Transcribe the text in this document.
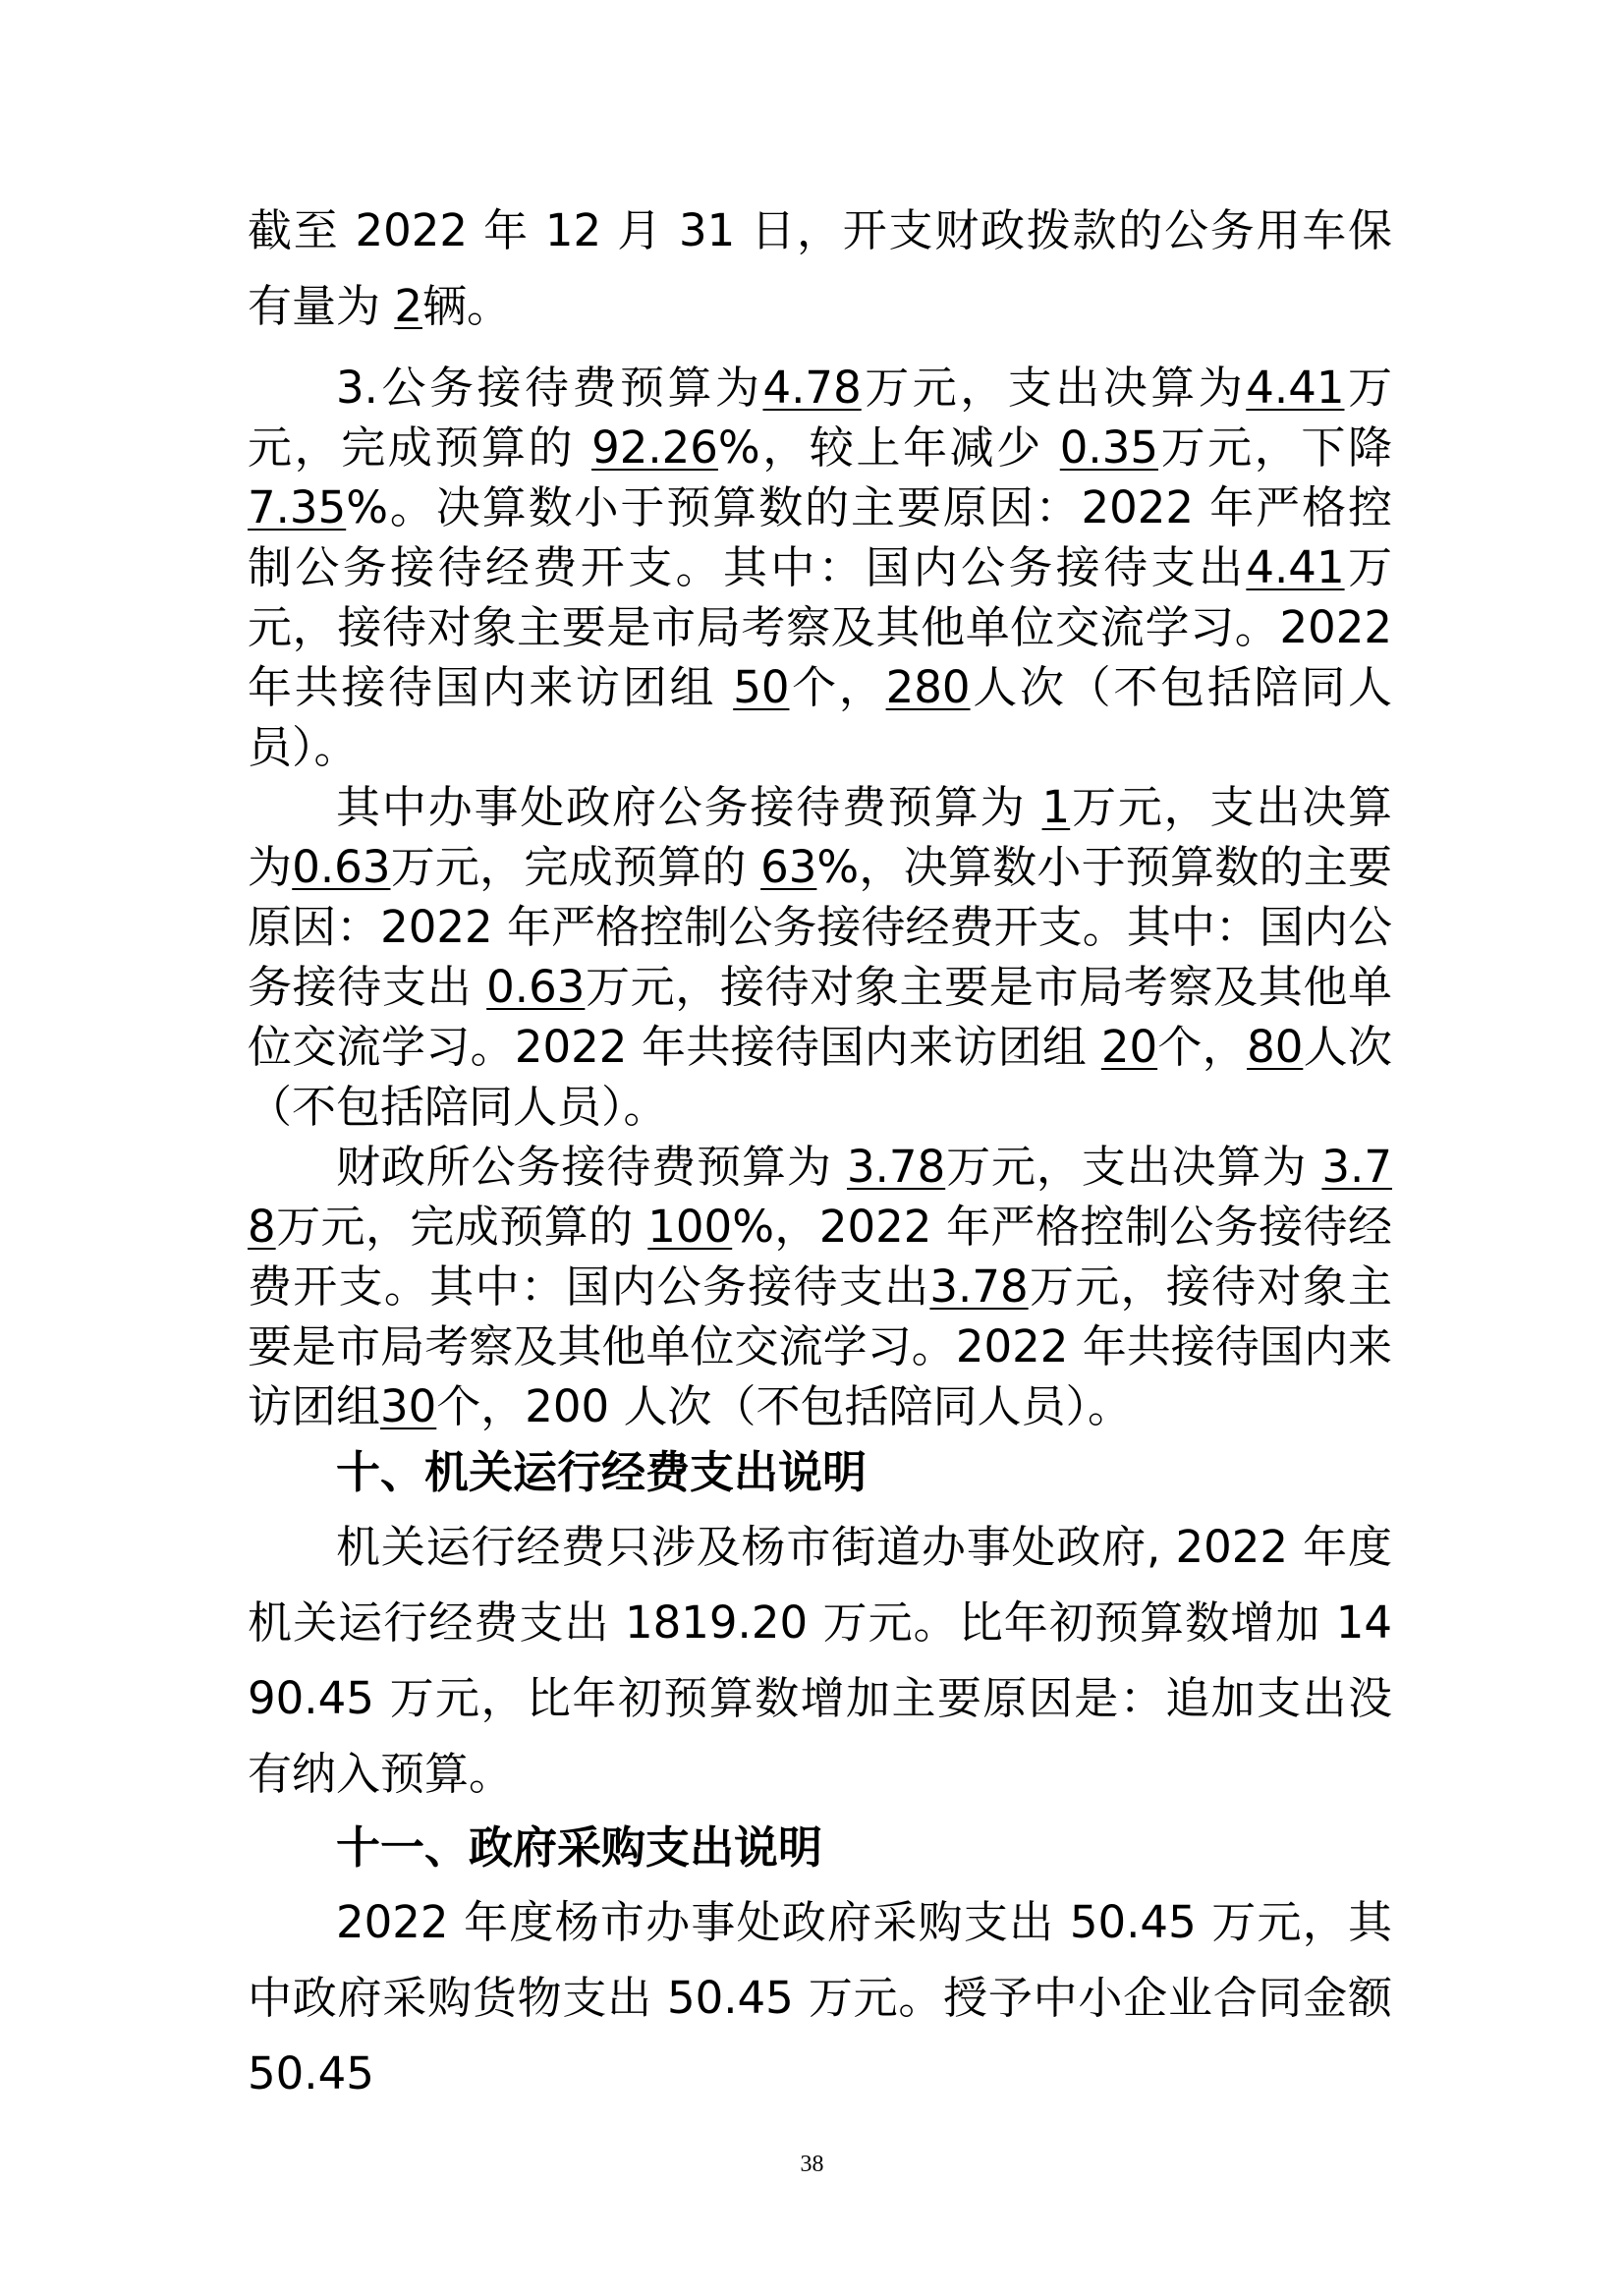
截至 2022 年 12 月 31 日，开支财政拨款的公务用车保有量为 2辆。

3.公务接待费预算为4.78万元，支出决算为4.41万元，完成预算的 92.26%，较上年减少 0.35万元，下降 7.35%。决算数小于预算数的主要原因：2022 年严格控制公务接待经费开支。其中：国内公务接待支出4.41万元，接待对象主要是市局考察及其他单位交流学习。2022 年共接待国内来访团组 50个，280人次（不包括陪同人员）。

其中办事处政府公务接待费预算为 1万元，支出决算为0.63万元，完成预算的 63%，决算数小于预算数的主要原因：2022 年严格控制公务接待经费开支。其中：国内公务接待支出 0.63万元，接待对象主要是市局考察及其他单位交流学习。2022 年共接待国内来访团组 20个，80人次（不包括陪同人员）。

财政所公务接待费预算为 3.78万元，支出决算为 3.78万元，完成预算的 100%，2022 年严格控制公务接待经费开支。其中：国内公务接待支出3.78万元，接待对象主要是市局考察及其他单位交流学习。2022 年共接待国内来访团组30个，200 人次（不包括陪同人员）。

十、机关运行经费支出说明

机关运行经费只涉及杨市街道办事处政府, 2022 年度机关运行经费支出 1819.20 万元。比年初预算数增加 1490.45 万元，比年初预算数增加主要原因是：追加支出没有纳入预算。

十一、政府采购支出说明

2022 年度杨市办事处政府采购支出 50.45 万元，其中政府采购货物支出 50.45 万元。授予中小企业合同金额 50.45

38
